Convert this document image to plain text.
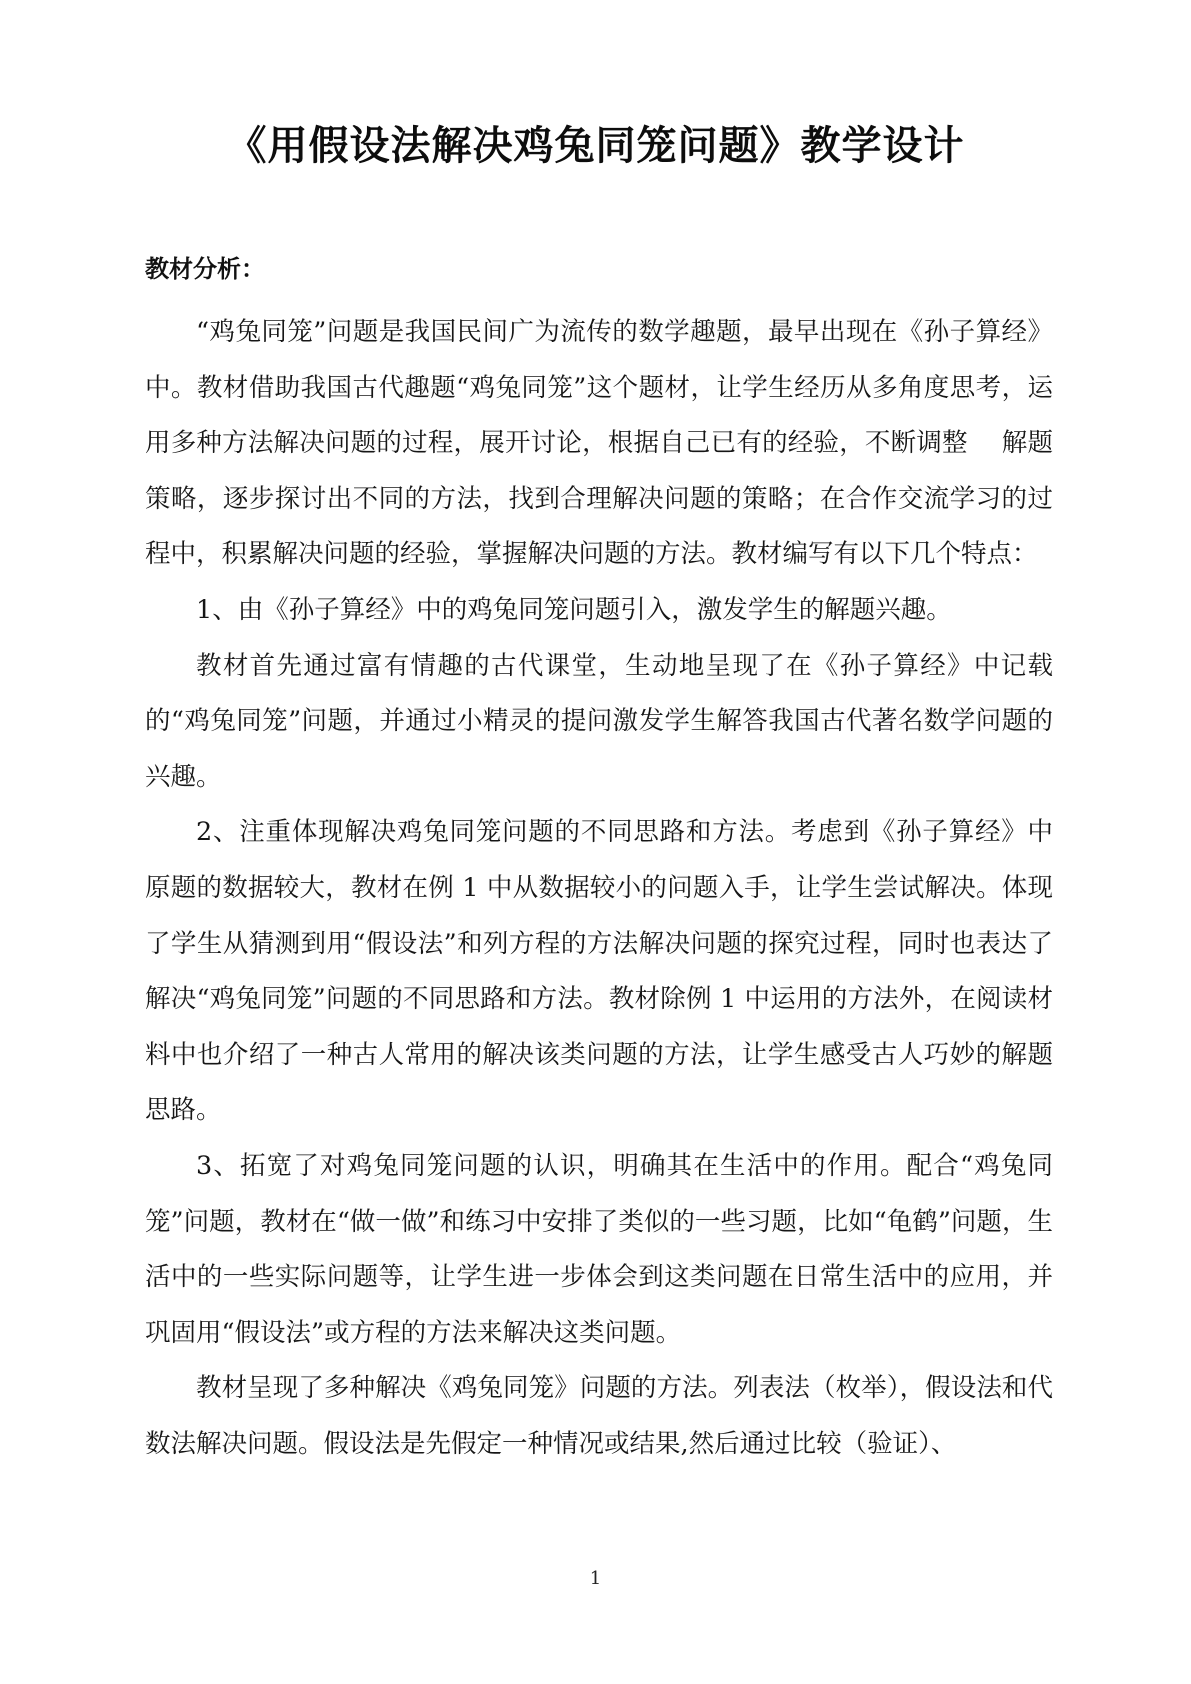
《用假设法解决鸡兔同笼问题》教学设计
教材分析：

“鸡兔同笼”问题是我国民间广为流传的数学趣题，最早出现在《孙子算经》中。教材借助我国古代趣题“鸡兔同笼”这个题材，让学生经历从多角度思考，运用多种方法解决问题的过程，展开讨论，根据自己已有的经验，不断调整　 解题策略，逐步探讨出不同的方法，找到合理解决问题的策略；在合作交流学习的过程中，积累解决问题的经验，掌握解决问题的方法。教材编写有以下几个特点：

1、由《孙子算经》中的鸡兔同笼问题引入，激发学生的解题兴趣。

教材首先通过富有情趣的古代课堂，生动地呈现了在《孙子算经》中记载的“鸡兔同笼”问题，并通过小精灵的提问激发学生解答我国古代著名数学问题的兴趣。

2、注重体现解决鸡兔同笼问题的不同思路和方法。考虑到《孙子算经》中原题的数据较大，教材在例 1 中从数据较小的问题入手，让学生尝试解决。体现了学生从猜测到用“假设法”和列方程的方法解决问题的探究过程，同时也表达了解决“鸡兔同笼”问题的不同思路和方法。教材除例 1 中运用的方法外，在阅读材料中也介绍了一种古人常用的解决该类问题的方法，让学生感受古人巧妙的解题思路。

3、拓宽了对鸡兔同笼问题的认识，明确其在生活中的作用。配合“鸡兔同笼”问题，教材在“做一做”和练习中安排了类似的一些习题，比如“龟鹤”问题，生活中的一些实际问题等，让学生进一步体会到这类问题在日常生活中的应用，并巩固用“假设法”或方程的方法来解决这类问题。

教材呈现了多种解决《鸡兔同笼》问题的方法。列表法（枚举），假设法和代数法解决问题。假设法是先假定一种情况或结果,然后通过比较（验证）、

1
